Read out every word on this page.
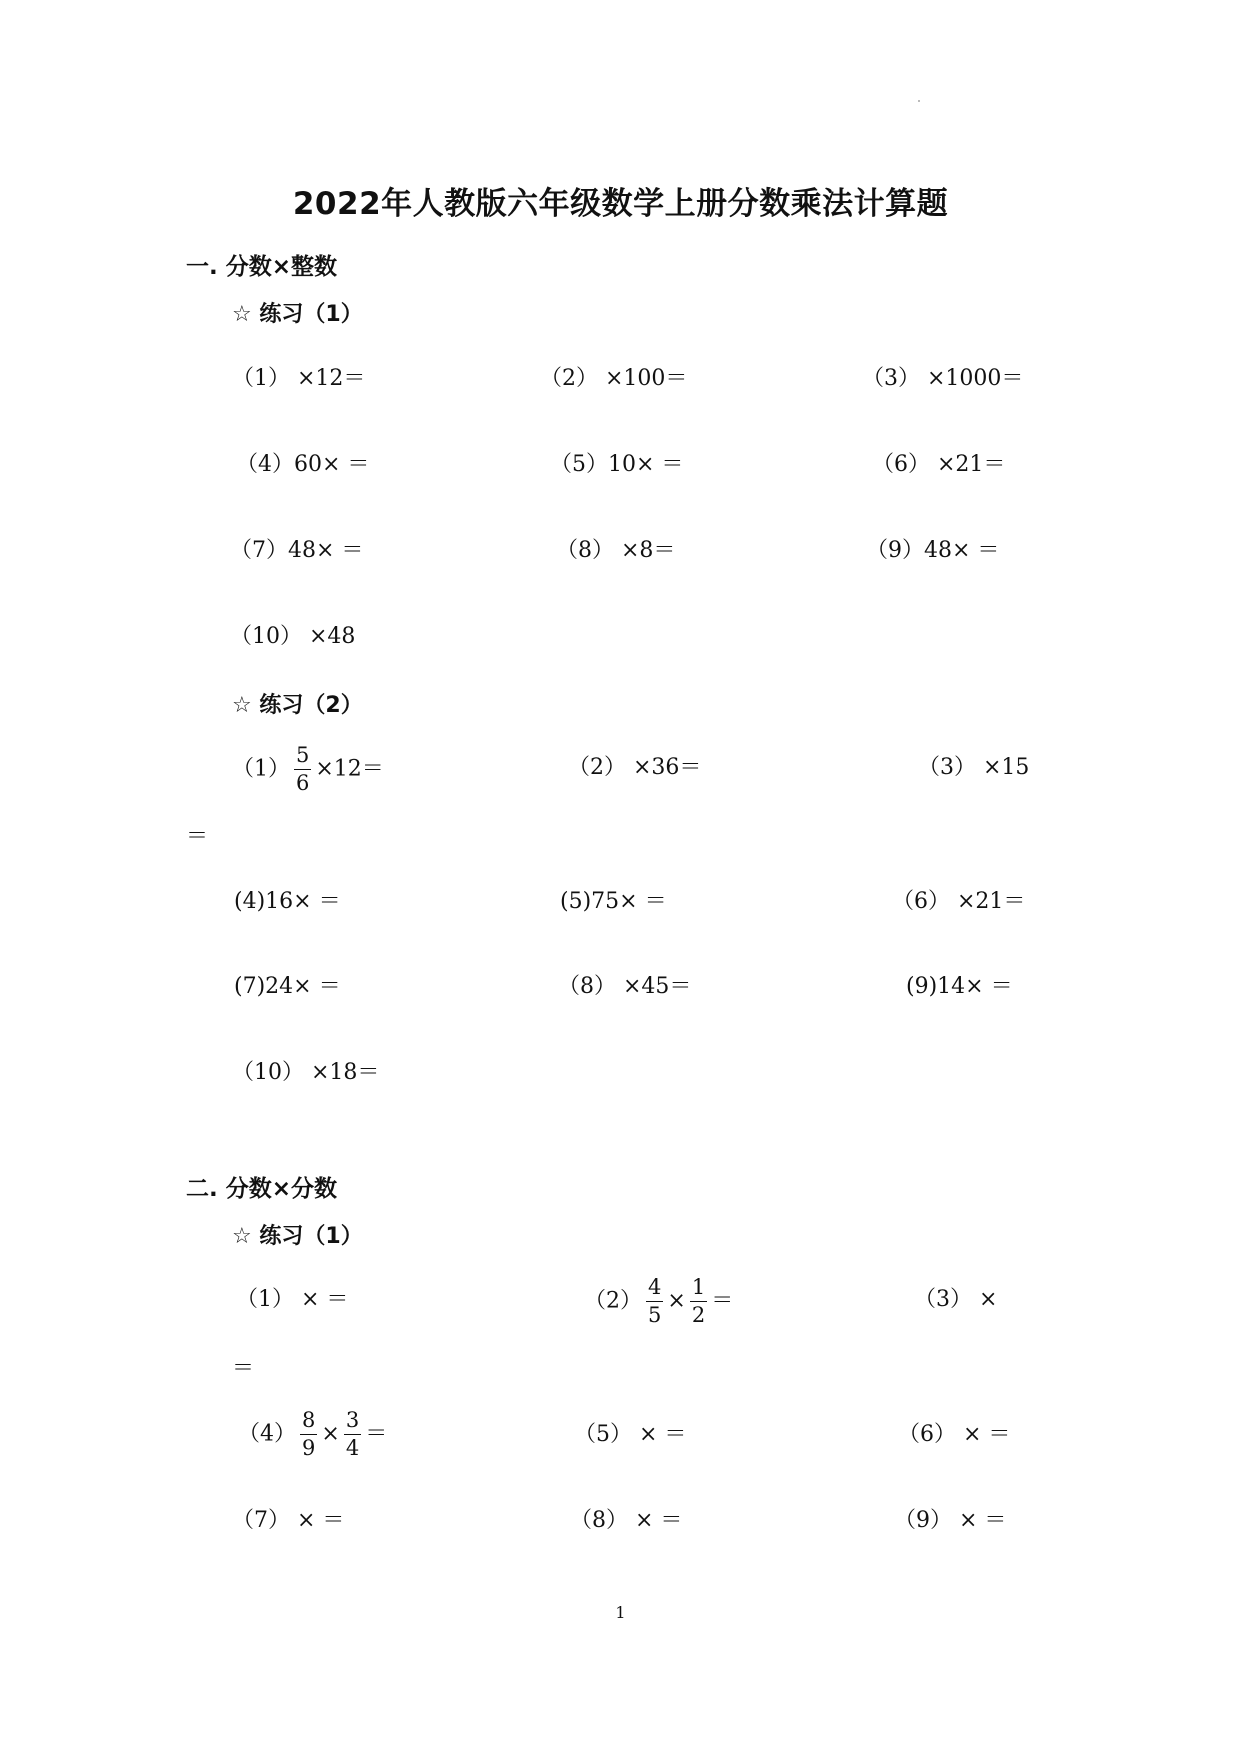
2022年人教版六年级数学上册分数乘法计算题
一. 分数×整数
☆ 练习（1）
（1） ×12＝	（2） ×100＝	（3） ×1000＝
（4）60× ＝	（5）10× ＝	（6） ×21＝
（7）48× ＝	（8） ×8＝	（9）48× ＝
（10） ×48
☆ 练习（2）
$(1) \frac{5}{6} \times 12=$	（2） ×36＝	（3） ×15
＝
(4)16× ＝	(5)75× ＝	（6） ×21＝
(7)24× ＝	（8） ×45＝	(9)14× ＝
（10） ×18＝
二. 分数×分数
☆ 练习（1）
（1） × ＝	$(2) \frac{4}{5} \times \frac{1}{2}$ ＝	（3） ×
＝
$(4) \frac{8}{9} \times \frac{3}{4}$ ＝	（5） × ＝	（6） × ＝
（7） × ＝	（8） × ＝	（9） × ＝
1
